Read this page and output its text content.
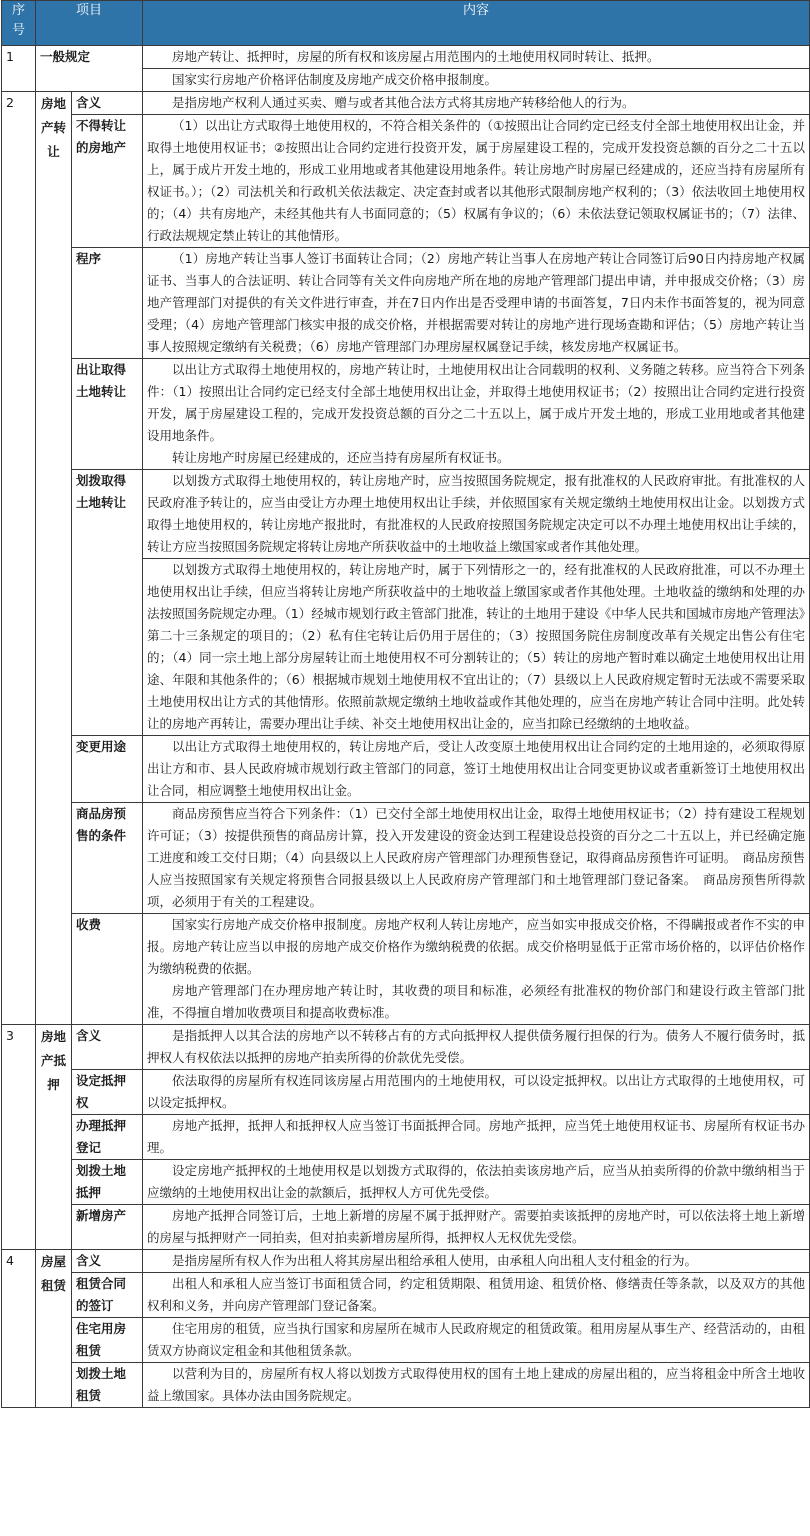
序号	项目		内容
1	一般规定		房地产转让、抵押时，房屋的所有权和该房屋占用范围内的土地使用权同时转让、抵押。
			国家实行房地产价格评估制度及房地产成交价格申报制度。
2	房地产转让	含义	是指房地产权利人通过买卖、赠与或者其他合法方式将其房地产转移给他人的行为。
		不得转让的房地产	（1）以出让方式取得土地使用权的，不符合相关条件的（①按照出让合同约定已经支付全部土地使用权出让金，并取得土地使用权证书；②按照出让合同约定进行投资开发，属于房屋建设工程的，完成开发投资总额的百分之二十五以上，属于成片开发土地的，形成工业用地或者其他建设用地条件。转让房地产时房屋已经建成的，还应当持有房屋所有权证书。）；（2）司法机关和行政机关依法裁定、决定查封或者以其他形式限制房地产权利的；（3）依法收回土地使用权的；（4）共有房地产，未经其他共有人书面同意的；（5）权属有争议的；（6）未依法登记领取权属证书的；（7）法律、行政法规规定禁止转让的其他情形。
		程序	（1）房地产转让当事人签订书面转让合同；（2）房地产转让当事人在房地产转让合同签订后90日内持房地产权属证书、当事人的合法证明、转让合同等有关文件向房地产所在地的房地产管理部门提出申请，并申报成交价格；（3）房地产管理部门对提供的有关文件进行审查，并在7日内作出是否受理申请的书面答复，7日内未作书面答复的，视为同意受理；（4）房地产管理部门核实申报的成交价格，并根据需要对转让的房地产进行现场查勘和评估；（5）房地产转让当事人按照规定缴纳有关税费；（6）房地产管理部门办理房屋权属登记手续，核发房地产权属证书。
		出让取得土地转让	以出让方式取得土地使用权的，房地产转让时，土地使用权出让合同载明的权利、义务随之转移。应当符合下列条件：（1）按照出让合同约定已经支付全部土地使用权出让金，并取得土地使用权证书；（2）按照出让合同约定进行投资开发，属于房屋建设工程的，完成开发投资总额的百分之二十五以上，属于成片开发土地的，形成工业用地或者其他建设用地条件。
转让房地产时房屋已经建成的，还应当持有房屋所有权证书。

		划拨取得土地转让	以划拨方式取得土地使用权的，转让房地产时，应当按照国务院规定，报有批准权的人民政府审批。有批准权的人民政府准予转让的，应当由受让方办理土地使用权出让手续，并依照国家有关规定缴纳土地使用权出让金。以划拨方式取得土地使用权的，转让房地产报批时，有批准权的人民政府按照国务院规定决定可以不办理土地使用权出让手续的，转让方应当按照国务院规定将转让房地产所获收益中的土地收益上缴国家或者作其他处理。
			以划拨方式取得土地使用权的，转让房地产时，属于下列情形之一的，经有批准权的人民政府批准，可以不办理土地使用权出让手续，但应当将转让房地产所获收益中的土地收益上缴国家或者作其他处理。土地收益的缴纳和处理的办法按照国务院规定办理。（1）经城市规划行政主管部门批准，转让的土地用于建设《中华人民共和国城市房地产管理法》第二十三条规定的项目的；（2）私有住宅转让后仍用于居住的；（3）按照国务院住房制度改革有关规定出售公有住宅的；（4）同一宗土地上部分房屋转让而土地使用权不可分割转让的；（5）转让的房地产暂时难以确定土地使用权出让用途、年限和其他条件的；（6）根据城市规划土地使用权不宜出让的；（7）县级以上人民政府规定暂时无法或不需要采取土地使用权出让方式的其他情形。依照前款规定缴纳土地收益或作其他处理的，应当在房地产转让合同中注明。此处转让的房地产再转让，需要办理出让手续、补交土地使用权出让金的，应当扣除已经缴纳的土地收益。
		变更用途	以出让方式取得土地使用权的，转让房地产后，受让人改变原土地使用权出让合同约定的土地用途的，必须取得原出让方和市、县人民政府城市规划行政主管部门的同意，签订土地使用权出让合同变更协议或者重新签订土地使用权出让合同，相应调整土地使用权出让金。
		商品房预售的条件	商品房预售应当符合下列条件：（1）已交付全部土地使用权出让金，取得土地使用权证书；（2）持有建设工程规划许可证；（3）按提供预售的商品房计算，投入开发建设的资金达到工程建设总投资的百分之二十五以上，并已经确定施工进度和竣工交付日期；（4）向县级以上人民政府房产管理部门办理预售登记，取得商品房预售许可证明。　商品房预售人应当按照国家有关规定将预售合同报县级以上人民政府房产管理部门和土地管理部门登记备案。　商品房预售所得款项，必须用于有关的工程建设。
		收费	国家实行房地产成交价格申报制度。房地产权利人转让房地产，应当如实申报成交价格，不得瞒报或者作不实的申报。房地产转让应当以申报的房地产成交价格作为缴纳税费的依据。成交价格明显低于正常市场价格的，以评估价格作为缴纳税费的依据。
房地产管理部门在办理房地产转让时，其收费的项目和标准，必须经有批准权的物价部门和建设行政主管部门批准，不得擅自增加收费项目和提高收费标准。

3	房地产抵押	含义	是指抵押人以其合法的房地产以不转移占有的方式向抵押权人提供债务履行担保的行为。债务人不履行债务时，抵押权人有权依法以抵押的房地产拍卖所得的价款优先受偿。
		设定抵押权	依法取得的房屋所有权连同该房屋占用范围内的土地使用权，可以设定抵押权。以出让方式取得的土地使用权，可以设定抵押权。
		办理抵押登记	房地产抵押，抵押人和抵押权人应当签订书面抵押合同。房地产抵押，应当凭土地使用权证书、房屋所有权证书办理。
		划拨土地抵押	设定房地产抵押权的土地使用权是以划拨方式取得的，依法拍卖该房地产后，应当从拍卖所得的价款中缴纳相当于应缴纳的土地使用权出让金的款额后，抵押权人方可优先受偿。
		新增房产	房地产抵押合同签订后，土地上新增的房屋不属于抵押财产。需要拍卖该抵押的房地产时，可以依法将土地上新增的房屋与抵押财产一同拍卖，但对拍卖新增房屋所得，抵押权人无权优先受偿。
4	房屋租赁	含义	是指房屋所有权人作为出租人将其房屋出租给承租人使用，由承租人向出租人支付租金的行为。
		租赁合同的签订	出租人和承租人应当签订书面租赁合同，约定租赁期限、租赁用途、租赁价格、修缮责任等条款，以及双方的其他权利和义务，并向房产管理部门登记备案。
		住宅用房租赁	住宅用房的租赁，应当执行国家和房屋所在城市人民政府规定的租赁政策。租用房屋从事生产、经营活动的，由租赁双方协商议定租金和其他租赁条款。
		划拨土地租赁	以营利为目的，房屋所有权人将以划拨方式取得使用权的国有土地上建成的房屋出租的，应当将租金中所含土地收益上缴国家。具体办法由国务院规定。
